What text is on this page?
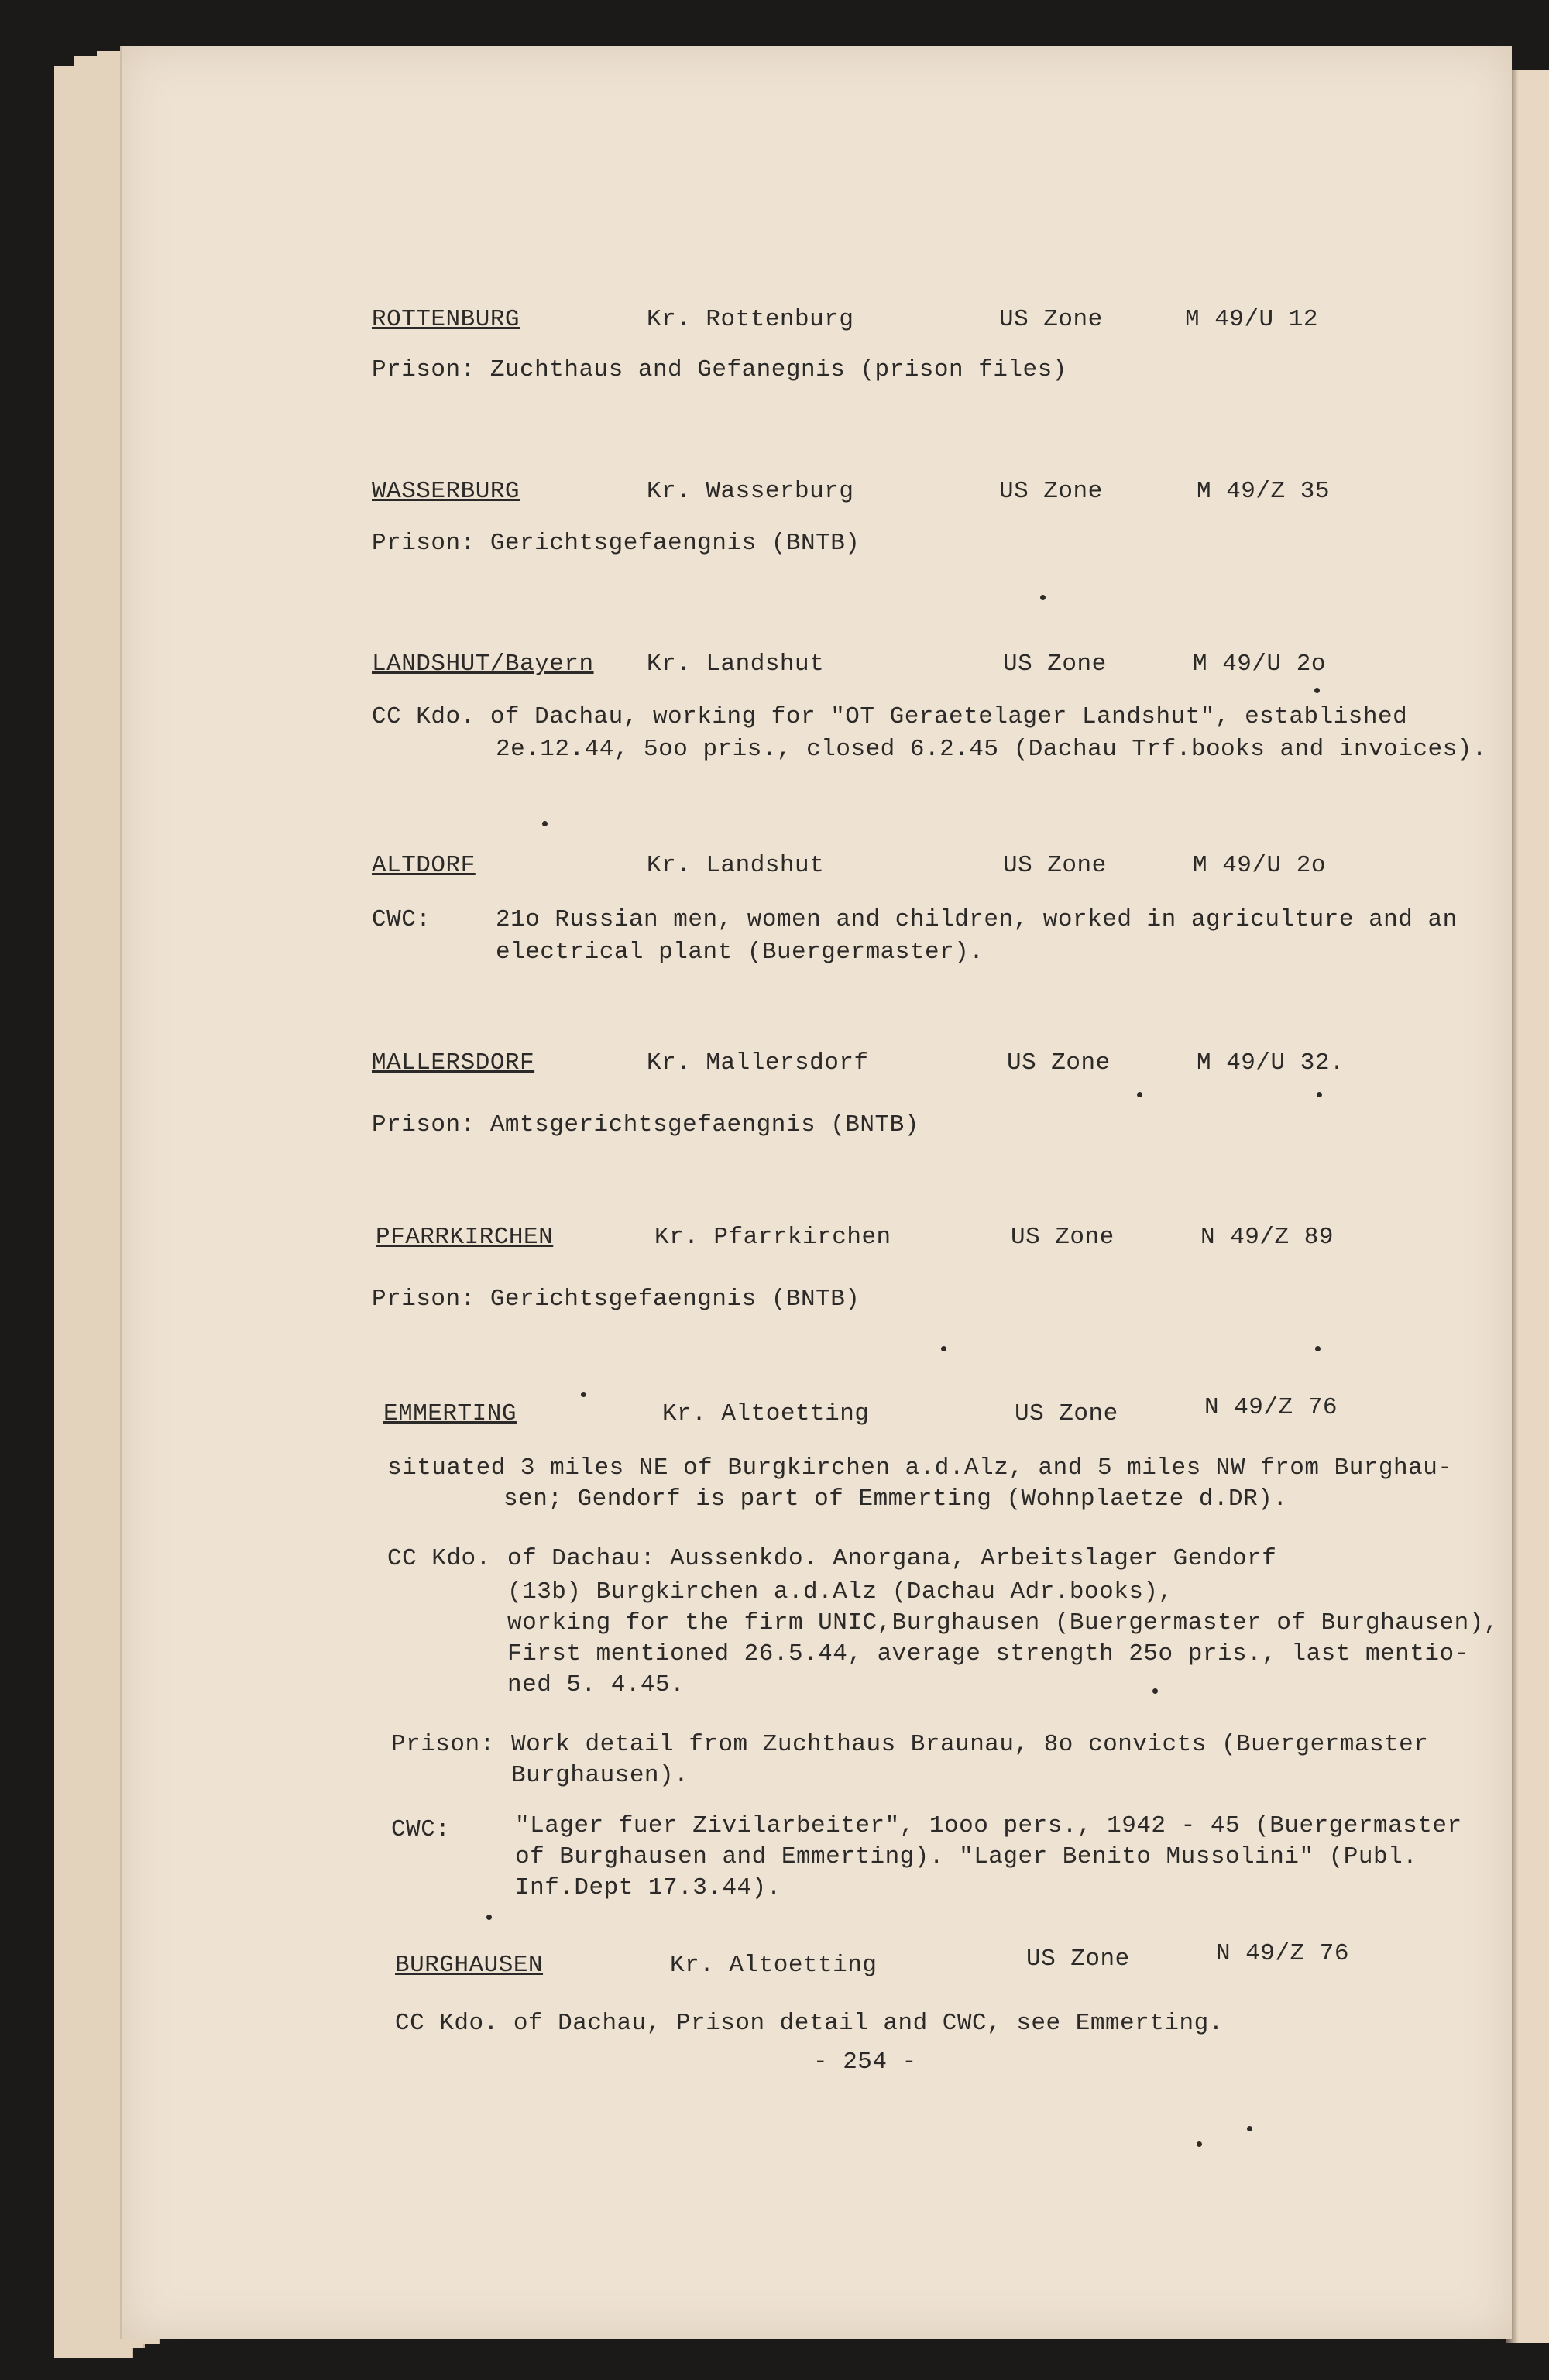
ROTTENBURG	Kr. Rottenburg	US Zone	M 49/U 12
Prison: Zuchthaus and Gefanegnis (prison files)
WASSERBURG	Kr. Wasserburg	US Zone	M 49/Z 35
Prison: Gerichtsgefaengnis (BNTB)
LANDSHUT/Bayern Kr. Landshut	US Zone	M 49/U 2o
CC Kdo. of Dachau, working for "OT Geraetelager Landshut", established
2e.12.44, 5oo pris., closed 6.2.45 (Dachau Trf.books and invoices).
ALTDORF	Kr. Landshut	US Zone	M 49/U 2o
CWC:	21o Russian men, women and children, worked in agriculture and an
electrical plant (Buergermaster).
MALLERSDORF	Kr. Mallersdorf	US Zone	M 49/U 32.
Prison: Amtsgerichtsgefaengnis (BNTB)
PFARRKIRCHEN	Kr. Pfarrkirchen	US Zone	N 49/Z 89
Prison: Gerichtsgefaengnis (BNTB)
EMMERTING	Kr. Altoetting	US Zone	N 49/Z 76
situated 3 miles NE of Burgkirchen a.d.Alz, and 5 miles NW from Burghau-
sen; Gendorf is part of Emmerting (Wohnplaetze d.DR).
CC Kdo. of Dachau: Aussenkdo. Anorgana, Arbeitslager Gendorf
(13b) Burgkirchen a.d.Alz (Dachau Adr.books),
working for the firm UNIC,Burghausen (Buergermaster of Burghausen),
First mentioned 26.5.44, average strength 25o pris., last mentio-
ned 5. 4.45.
Prison: Work detail from Zuchthaus Braunau, 8o convicts (Buergermaster
Burghausen).
CWC:	"Lager fuer Zivilarbeiter", 1ooo pers., 1942 - 45 (Buergermaster
of Burghausen and Emmerting). "Lager Benito Mussolini" (Publ.
Inf.Dept 17.3.44).
BURGHAUSEN	Kr. Altoetting	US Zone	N 49/Z 76
CC Kdo. of Dachau, Prison detail and CWC, see Emmerting.
- 254 -
